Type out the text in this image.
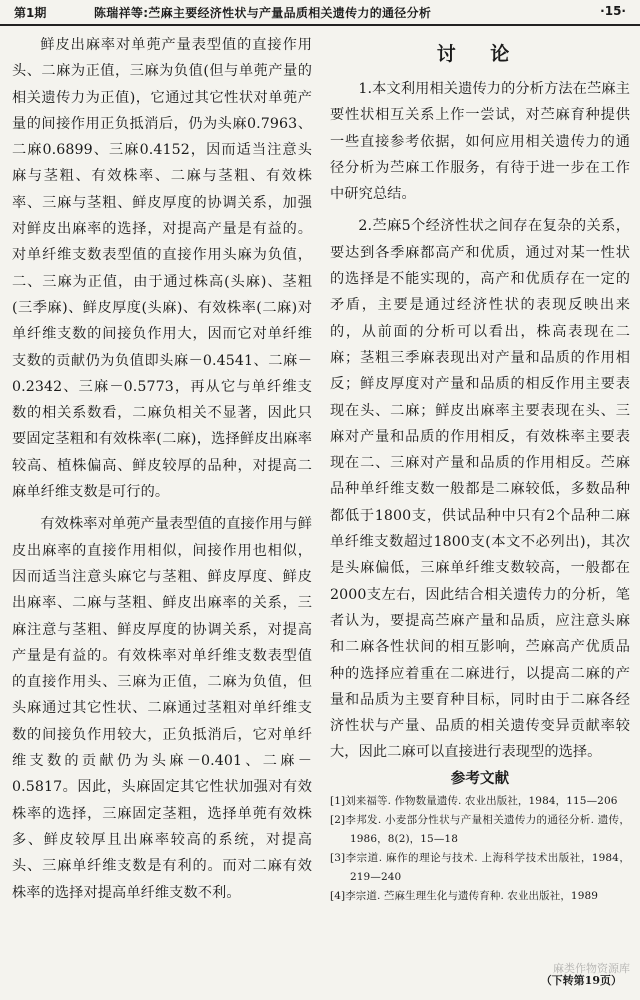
第1期	陈瑞祥等:苎麻主要经济性状与产量品质相关遗传力的通径分析	·15·

鲜皮出麻率对单蔸产量表型值的直接作用头、二麻为正值，三麻为负值(但与单蔸产量的相关遗传力为正值)，它通过其它性状对单蔸产量的间接作用正负抵消后，仍为头麻0.7963、二麻0.6899、三麻0.4152，因而适当注意头麻与茎粗、有效株率、二麻与茎粗、有效株率、三麻与茎粗、鲜皮厚度的协调关系，加强对鲜皮出麻率的选择，对提高产量是有益的。对单纤维支数表型值的直接作用头麻为负值，二、三麻为正值，由于通过株高(头麻)、茎粗(三季麻)、鲜皮厚度(头麻)、有效株率(二麻)对单纤维支数的间接负作用大，因而它对单纤维支数的贡献仍为负值即头麻－0.4541、二麻－0.2342、三麻－0.5773，再从它与单纤维支数的相关系数看，二麻负相关不显著，因此只要固定茎粗和有效株率(二麻)，选择鲜皮出麻率较高、植株偏高、鲜皮较厚的品种，对提高二麻单纤维支数是可行的。

有效株率对单蔸产量表型值的直接作用与鲜皮出麻率的直接作用相似，间接作用也相似，因而适当注意头麻它与茎粗、鲜皮厚度、鲜皮出麻率、二麻与茎粗、鲜皮出麻率的关系，三麻注意与茎粗、鲜皮厚度的协调关系，对提高产量是有益的。有效株率对单纤维支数表型值的直接作用头、三麻为正值，二麻为负值，但头麻通过其它性状、二麻通过茎粗对单纤维支数的间接负作用较大，正负抵消后，它对单纤维支数的贡献仍为头麻－0.401、二麻－0.5817。因此，头麻固定其它性状加强对有效株率的选择，三麻固定茎粗，选择单蔸有效株多、鲜皮较厚且出麻率较高的系统，对提高头、三麻单纤维支数是有利的。而对二麻有效株率的选择对提高单纤维支数不利。

讨 论

1.本文利用相关遗传力的分析方法在苎麻主要性状相互关系上作一尝试，对苎麻育种提供一些直接参考依据，如何应用相关遗传力的通径分析为苎麻工作服务，有待于进一步在工作中研究总结。

2.苎麻5个经济性状之间存在复杂的关系，要达到各季麻都高产和优质，通过对某一性状的选择是不能实现的，高产和优质存在一定的矛盾，主要是通过经济性状的表现反映出来的，从前面的分析可以看出，株高表现在二麻；茎粗三季麻表现出对产量和品质的作用相反；鲜皮厚度对产量和品质的相反作用主要表现在头、二麻；鲜皮出麻率主要表现在头、三麻对产量和品质的作用相反，有效株率主要表现在二、三麻对产量和品质的作用相反。苎麻品种单纤维支数一般都是二麻较低，多数品种都低于1800支，供试品种中只有2个品种二麻单纤维支数超过1800支(本文不必列出)，其次是头麻偏低，三麻单纤维支数较高，一般都在2000支左右，因此结合相关遗传力的分析，笔者认为，要提高苎麻产量和品质，应注意头麻和二麻各性状间的相互影响，苎麻高产优质品种的选择应着重在二麻进行，以提高二麻的产量和品质为主要育种目标，同时由于二麻各经济性状与产量、品质的相关遗传变异贡献率较大，因此二麻可以直接进行表现型的选择。

参考文献

[1]刘来福等. 作物数量遗传. 农业出版社，1984，115—206

[2]李邦发. 小麦部分性状与产量相关遗传力的通径分析. 遗传，1986，8(2)，15—18

[3]李宗道. 麻作的理论与技术. 上海科学技术出版社，1984，219—240

[4]李宗道. 苎麻生理生化与遗传育种. 农业出版社，1989

麻类作物资源库
（下转第19页）
